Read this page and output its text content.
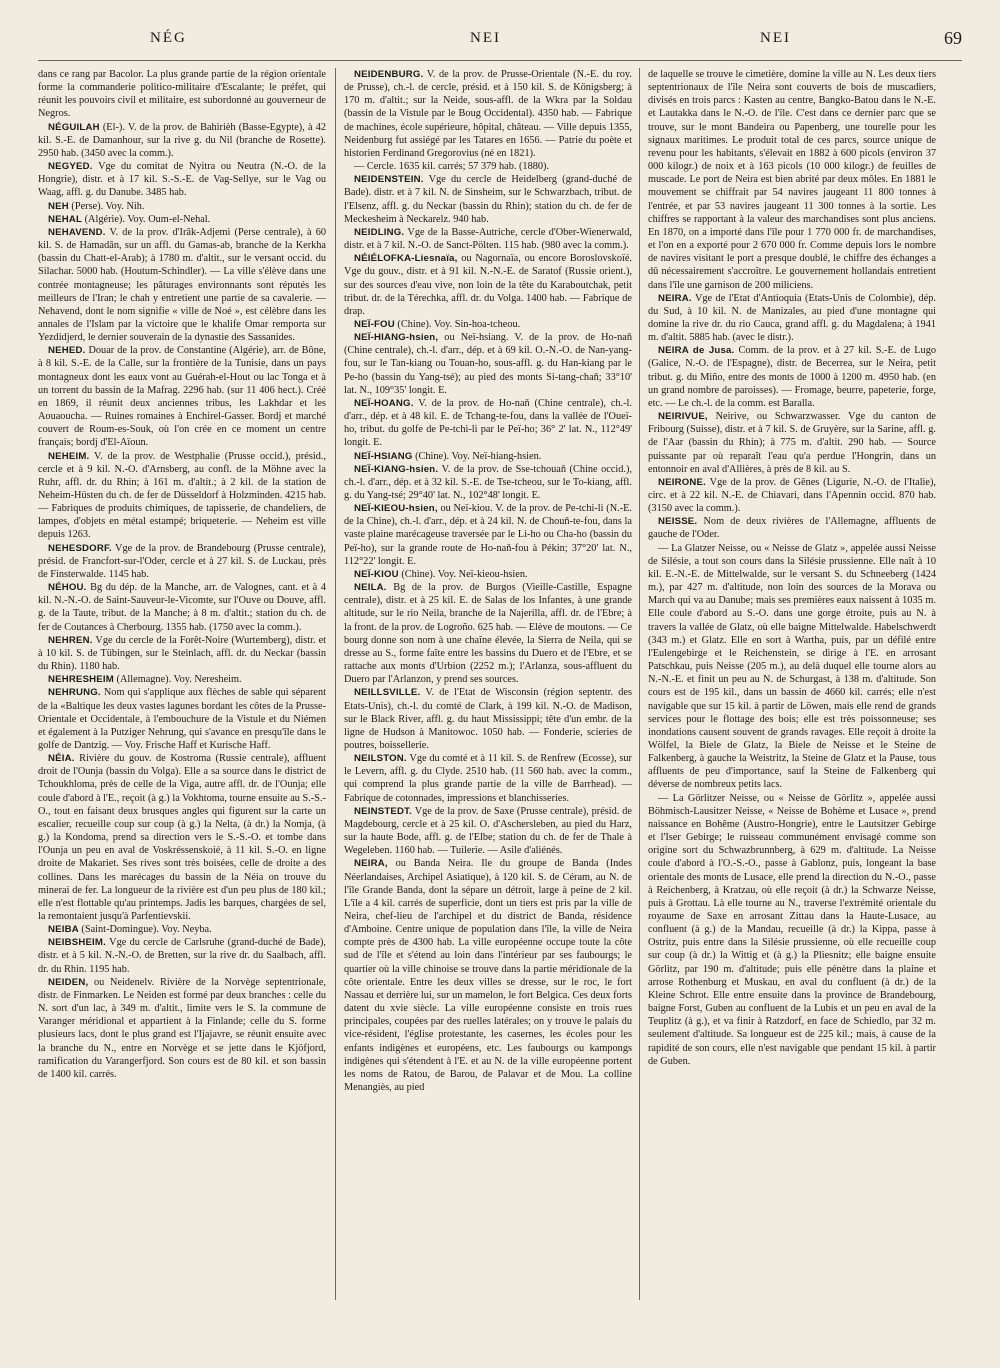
NÉG	NEI	NEI	69

dans ce rang par Bacolor. La plus grande partie de la région orientale forme la commanderie politico-militaire d'Escalante; le préfet, qui réunit les pouvoirs civil et militaire, est subordonné au gouverneur de Negros.

NÉGUILAH (El-). V. de la prov. de Bahirièh (Basse-Egypte), à 42 kil. S.-E. de Damanhour, sur la rive g. du Nil (branche de Rosette). 2950 hab. (3450 avec la comm.).

NEGYED. Vge du comitat de Nyitra ou Neutra (N.-O. de la Hongrie), distr. et à 17 kil. S.-S.-E. de Vag-Sellye, sur le Vag ou Waag, affl. g. du Danube. 3485 hab.

NEH (Perse). Voy. Nih.

NEHAL (Algérie). Voy. Oum-el-Nehal.

NEHAVEND. V. de la prov. d'Irâk-Adjemi (Perse centrale), à 60 kil. S. de Hamadân, sur un affl. du Gamas-ab, branche de la Kerkha (bassin du Chatt-el-Arab); à 1780 m. d'altit., sur le versant occid. du Silachar. 5000 hab. (Houtum-Schindler). — La ville s'élève dans une contrée montagneuse; les pâturages environnants sont réputés les meilleurs de l'Iran; le chah y entretient une partie de sa cavalerie. — Nehavend, dont le nom signifie « ville de Noé », est célèbre dans les annales de l'Islam par la victoire que le khalife Omar remporta sur Yezdidjerd, le dernier souverain de la dynastie des Sassanides.

NEHED. Douar de la prov. de Constantine (Algérie), arr. de Bône, à 8 kil. S.-E. de la Calle, sur la frontière de la Tunisie, dans un pays montagneux dont les eaux vont au Guérah-el-Hout ou lac Tonga et à un torrent du bassin de la Mafrag. 2296 hab. (sur 11 406 hect.). Créé en 1869, il réunit deux anciennes tribus, les Lakhdar et les Aouaoucha. — Ruines romaines à Enchirel-Gasser. Bordj et marché couvert de Roum-es-Souk, où l'on crée en ce moment un centre français; bordj d'El-Aïoun.

NEHEIM. V. de la prov. de Westphalie (Prusse occid.), présid., cercle et à 9 kil. N.-O. d'Arnsberg, au confl. de la Möhne avec la Ruhr, affl. dr. du Rhin; à 161 m. d'altit.; à 2 kil. de la station de Neheim-Hüsten du ch. de fer de Düsseldorf à Holzminden. 4215 hab. — Fabriques de produits chimiques, de tapisserie, de chandeliers, de lampes, d'objets en métal estampé; briqueterie. — Neheim est ville depuis 1263.

NEHESDORF. Vge de la prov. de Brandebourg (Prusse centrale), présid. de Francfort-sur-l'Oder, cercle et à 27 kil. S. de Luckau, près de Finsterwalde. 1145 hab.

NÉHOU. Bg du dép. de la Manche, arr. de Valognes, cant. et à 4 kil. N.-N.-O. de Saint-Sauveur-le-Vicomte, sur l'Ouve ou Douve, affl. g. de la Taute, tribut. de la Manche; à 8 m. d'altit.; station du ch. de fer de Coutances à Cherbourg. 1355 hab. (1750 avec la comm.).

NEHREN. Vge du cercle de la Forêt-Noire (Wurtemberg), distr. et à 10 kil. S. de Tübingen, sur le Steinlach, affl. dr. du Neckar (bassin du Rhin). 1180 hab.

NEHRESHEIM (Allemagne). Voy. Neresheim.

NEHRUNG. Nom qui s'applique aux flèches de sable qui séparent de la «Baltique les deux vastes lagunes bordant les côtes de la Prusse-Orientale et Occidentale, à l'embouchure de la Vistule et du Niémen et également à la Putziger Nehrung, qui s'avance en presqu'île dans le golfe de Dantzig. — Voy. Frische Haff et Kurische Haff.

NÉIA. Rivière du gouv. de Kostroma (Russie centrale), affluent droit de l'Ounja (bassin du Volga). Elle a sa source dans le district de Tchoukhloma, près de celle de la Viga, autre affl. dr. de l'Ounja; elle coule d'abord à l'E., reçoit (à g.) la Vokhtoma, tourne ensuite au S.-S.-O., tout en faisant deux brusques angles qui figurent sur la carte un escalier, recueille coup sur coup (à g.) la Nelta, (à dr.) la Nomja, (à g.) la Kondoma, prend sa direction vers le S.-S.-O. et tombe dans l'Ounja un peu en aval de Voskréssenskoié, à 11 kil. S.-O. en ligne droite de Makariet. Ses rives sont très boisées, celle de droite a des collines. Dans les marécages du bassin de la Néia on trouve du minerai de fer. La longueur de la rivière est d'un peu plus de 180 kil.; elle n'est flottable qu'au printemps. Jadis les barques, chargées de sel, la remontaient jusqu'à Parfentievskii.

NEIBA (Saint-Domingue). Voy. Neyba.

NEIBSHEIM. Vge du cercle de Carlsruhe (grand-duché de Bade), distr. et à 5 kil. N.-N.-O. de Bretten, sur la rive dr. du Saalbach, affl. dr. du Rhin. 1195 hab.

NEIDEN, ou Neidenelv. Rivière de la Norvège septentrionale, distr. de Finmarken. Le Neiden est formé par deux branches : celle du N. sort d'un lac, à 349 m. d'altit., limite vers le S. la commune de Varanger méridional et appartient à la Finlande; celle du S. forme plusieurs lacs, dont le plus grand est l'Ijajavre, se réunit ensuite avec la branche du N., entre en Norvège et se jette dans le Kjöfjord, ramification du Varangerfjord. Son cours est de 80 kil. et son bassin de 1400 kil. carrés.

NEIDENBURG. V. de la prov. de Prusse-Orientale (N.-E. du roy. de Prusse), ch.-l. de cercle, présid. et à 150 kil. S. de Königsberg; à 170 m. d'altit.; sur la Neide, sous-affl. de la Wkra par la Soldau (bassin de la Vistule par le Boug Occidental). 4350 hab. — Fabrique de machines, école supérieure, hôpital, château. — Ville depuis 1355, Neidenburg fut assiégé par les Tatares en 1656. — Patrie du poète et historien Ferdinand Gregorovius (né en 1821).

— Cercle. 1635 kil. carrés; 57 379 hab. (1880).

NEIDENSTEIN. Vge du cercle de Heidelberg (grand-duché de Bade). distr. et à 7 kil. N. de Sinsheim, sur le Schwarzbach, tribut. de l'Elsenz, affl. g. du Neckar (bassin du Rhin); station du ch. de fer de Meckesheim à Neckarelz. 940 hab.

NEIDLING. Vge de la Basse-Autriche, cercle d'Ober-Wienerwald, distr. et à 7 kil. N.-O. de Sanct-Pölten. 115 hab. (980 avec la comm.).

NÉIÉLOFKA-Liesnaïa, ou Nagornaïa, ou encore Boroslovskoïé. Vge du gouv., distr. et à 91 kil. N.-N.-E. de Saratof (Russie orient.), sur des sources d'eau vive, non loin de la tête du Karaboutchak, petit tribut. dr. de la Térechka, affl. dr. du Volga. 1400 hab. — Fabrique de drap.

NEÏ-FOU (Chine). Voy. Sin-hoa-tcheou.

NEÏ-HIANG-hsien, ou Neï-hsiang. V. de la prov. de Ho-naň (Chine centrale), ch.-l. d'arr., dép. et à 69 kil. O.-N.-O. de Nan-yang-fou, sur le Tan-kiang ou Touan-ho, sous-affl. g. du Han-kiang par le Pe-ho (bassin du Yang-tsé); au pied des monts Si-tang-chaň; 33°10' lat. N., 109°35' longit. E.

NEÏ-HOANG. V. de la prov. de Ho-naň (Chine centrale), ch.-l. d'arr., dép. et à 48 kil. E. de Tchang-te-fou, dans la vallée de l'Oueï-ho, tribut. du golfe de Pe-tchi-li par le Peï-ho; 36° 2' lat. N., 112°49' longit. E.

NEÏ-HSIANG (Chine). Voy. Neï-hiang-hsien.

NEÏ-KIANG-hsien. V. de la prov. de Sse-tchouaň (Chine occid.), ch.-l. d'arr., dép. et à 32 kil. S.-E. de Tse-tcheou, sur le To-kiang, affl. g. du Yang-tsé; 29°40' lat. N., 102°48' longit. E.

NEÏ-KIEOU-hsien, ou Neï-kiou. V. de la prov. de Pe-tchi-li (N.-E. de la Chine), ch.-l. d'arr., dép. et à 24 kil. N. de Chouň-te-fou, dans la vaste plaine marécageuse traversée par le Li-ho ou Cha-ho (bassin du Peï-ho), sur la grande route de Ho-naň-fou à Pékin; 37°20' lat. N., 112°22' longit. E.

NEÏ-KIOU (Chine). Voy. Neï-kieou-hsien.

NEILA. Bg de la prov. de Burgos (Vieille-Castille, Espagne centrale), distr. et à 25 kil. E. de Salas de los Infantes, à une grande altitude, sur le rio Neila, branche de la Najerilla, affl. dr. de l'Ebre; à la front. de la prov. de Logroño. 625 hab. — Elève de moutons. — Ce bourg donne son nom à une chaîne élevée, la Sierra de Neila, qui se dresse au S., forme faîte entre les bassins du Duero et de l'Ebre, et se rattache aux monts d'Urbion (2252 m.); l'Arlanza, sous-affluent du Duero par l'Arlanzon, y prend ses sources.

NEILLSVILLE. V. de l'Etat de Wisconsin (région septentr. des Etats-Unis), ch.-l. du comté de Clark, à 199 kil. N.-O. de Madison, sur le Black River, affl. g. du haut Mississippi; tête d'un embr. de la ligne de Hudson à Manitowoc. 1050 hab. — Fonderie, scieries de poutres, boissellerie.

NEILSTON. Vge du comté et à 11 kil. S. de Renfrew (Ecosse), sur le Levern, affl. g. du Clyde. 2510 hab. (11 560 hab. avec la comm., qui comprend la plus grande partie de la ville de Barrhead). — Fabrique de cotonnades, impressions et blanchisseries.

NEINSTEDT. Vge de la prov. de Saxe (Prusse centrale), présid. de Magdebourg, cercle et à 25 kil. O. d'Aschersleben, au pied du Harz, sur la haute Bode, affl. g. de l'Elbe; station du ch. de fer de Thale à Wegeleben. 1160 hab. — Tuilerie. — Asile d'aliénés.

NEIRA, ou Banda Neira. Ile du groupe de Banda (Indes Néerlandaises, Archipel Asiatique), à 120 kil. S. de Céram, au N. de l'île Grande Banda, dont la sépare un détroit, large à peine de 2 kil. L'île a 4 kil. carrés de superficie, dont un tiers est pris par la ville de Neira, chef-lieu de l'archipel et du district de Banda, résidence d'Amboine. Centre unique de population dans l'île, la ville de Neira compte près de 4300 hab. La ville européenne occupe toute la côte sud de l'île et s'étend au loin dans l'intérieur par ses faubourgs; le quartier où la ville chinoise se trouve dans la partie méridionale de la côte orientale. Entre les deux villes se dresse, sur le roc, le fort Nassau et derrière lui, sur un mamelon, le fort Belgica. Ces deux forts datent du xvie siècle. La ville européenne consiste en trois rues principales, coupées par des ruelles latérales; on y trouve le palais du vice-résident, l'église protestante, les casernes, les écoles pour les enfants indigènes et européens, etc. Les faubourgs ou kampongs indigènes qui s'étendent à l'E. et au N. de la ville européenne portent les noms de Ratou, de Barou, de Palavar et de Mou. La colline Menangiès, au pied

de laquelle se trouve le cimetière, domine la ville au N. Les deux tiers septentrionaux de l'île Neira sont couverts de bois de muscadiers, divisés en trois parcs : Kasten au centre, Bangko-Batou dans le N.-E. et Lautakka dans le N.-O. de l'île. C'est dans ce dernier parc que se trouve, sur le mont Bandeira ou Papenberg, une tourelle pour les signaux maritimes. Le produit total de ces parcs, source unique de revenu pour les habitants, s'élevait en 1882 à 600 picols (environ 37 000 kilogr.) de noix et à 163 picols (10 000 kilogr.) de feuilles de muscade. Le port de Neira est bien abrité par deux môles. En 1881 le mouvement se chiffrait par 54 navires jaugeant 11 800 tonnes à l'entrée, et par 53 navires jaugeant 11 300 tonnes à la sortie. Les chiffres se rapportant à la valeur des marchandises sont plus anciens. En 1870, on a importé dans l'île pour 1 770 000 fr. de marchandises, et l'on en a exporté pour 2 670 000 fr. Comme depuis lors le nombre de navires visitant le port a presque doublé, le chiffre des échanges a dû nécessairement s'accroître. Le gouvernement hollandais entretient dans l'île une garnison de 200 miliciens.

NEIRA. Vge de l'Etat d'Antioquia (Etats-Unis de Colombie), dép. du Sud, à 10 kil. N. de Manizales, au pied d'une montagne qui domine la rive dr. du rio Cauca, grand affl. g. du Magdalena; à 1941 m. d'altit. 5885 hab. (avec le distr.).

NEIRA de Jusa. Comm. de la prov. et à 27 kil. S.-E. de Lugo (Galice, N.-O. de l'Espagne), distr. de Becerrea, sur le Neira, petit tribut. g. du Miño, entre des monts de 1000 à 1200 m. 4950 hab. (en un grand nombre de paroisses). — Fromage, beurre, papeterie, forge, etc. — Le ch.-l. de la comm. est Baralla.

NEIRIVUE, Neirive, ou Schwarzwasser. Vge du canton de Fribourg (Suisse), distr. et à 7 kil. S. de Gruyère, sur la Sarine, affl. g. de l'Aar (bassin du Rhin); à 775 m. d'altit. 290 hab. — Source puissante par où reparaît l'eau qu'a perdue l'Hongrin, dans un entonnoir en aval d'Allières, à près de 8 kil. au S.

NEIRONE. Vge de la prov. de Gênes (Ligurie, N.-O. de l'Italie), circ. et à 22 kil. N.-E. de Chiavari, dans l'Apennin occid. 870 hab. (3150 avec la comm.).

NEISSE. Nom de deux rivières de l'Allemagne, affluents de gauche de l'Oder.

— La Glatzer Neisse, ou « Neisse de Glatz », appelée aussi Neisse de Silésie, a tout son cours dans la Silésie prussienne. Elle naît à 10 kil. E.-N.-E. de Mittelwalde, sur le versant S. du Schneeberg (1424 m.), par 427 m. d'altitude, non loin des sources de la Morava ou March qui va au Danube; mais ses premières eaux naissent à 1035 m. Elle coule d'abord au S.-O. dans une gorge étroite, puis au N. à travers la vallée de Glatz, où elle baigne Mittelwalde. Habelschwerdt (343 m.) et Glatz. Elle en sort à Wartha, puis, par un défilé entre l'Eulengebirge et le Reichenstein, se dirige à l'E. en arrosant Patschkau, puis Neisse (205 m.), au delà duquel elle tourne alors au N.-N.-E. et finit un peu au N. de Schurgast, à 138 m. d'altitude. Son cours est de 195 kil., dans un bassin de 4660 kil. carrés; elle n'est navigable que sur 15 kil. à partir de Löwen, mais elle rend de grands services pour le flottage des bois; elle est très poissonneuse; ses inondations causent souvent de grands ravages. Elle reçoit à droite la Wölfel, la Biele de Glatz, la Biele de Neisse et le Steine de Falkenberg, à gauche la Weistritz, la Steine de Glatz et la Pause, tous affluents de peu d'importance, sauf la Steine de Falkenberg qui déverse de nombreux petits lacs.

— La Görlitzer Neisse, ou « Neisse de Görlitz », appelée aussi Böhmisch-Lausitzer Neisse, « Neisse de Bohème et Lusace », prend naissance en Bohême (Austro-Hongrie), entre le Lautsitzer Gebirge et l'Iser Gebirge; le ruisseau communément envisagé comme son origine sort du Schwazbrunnberg, à 629 m. d'altitude. La Neisse coule d'abord à l'O.-S.-O., passe à Gablonz, puis, longeant la base orientale des monts de Lusace, elle prend la direction du N.-O., passe à Reichenberg, à Kratzau, où elle reçoit (à dr.) la Schwarze Neisse, puis à Grottau. Là elle tourne au N., traverse l'extrémité orientale du royaume de Saxe en arrosant Zittau dans la Haute-Lusace, au confluent (à g.) de la Mandau, recueille (à dr.) la Kippa, passe à Ostritz, puis entre dans la Silésie prussienne, où elle recueille coup sur coup (à dr.) la Wittig et (à g.) la Pliesnitz; elle baigne ensuite Görlitz, par 190 m. d'altitude; puis elle pénètre dans la plaine et arrose Rothenburg et Muskau, en aval du confluent (à dr.) de la Kleine Schrot. Elle entre ensuite dans la province de Brandebourg, baigne Forst, Guben au confluent de la Lubis et un peu en aval de la Teuplitz (à g.), et va finir à Ratzdorf, en face de Schiedlo, par 32 m. seulement d'altitude. Sa longueur est de 225 kil.; mais, à cause de la rapidité de son cours, elle n'est navigable que pendant 15 kil. à partir de Guben.
